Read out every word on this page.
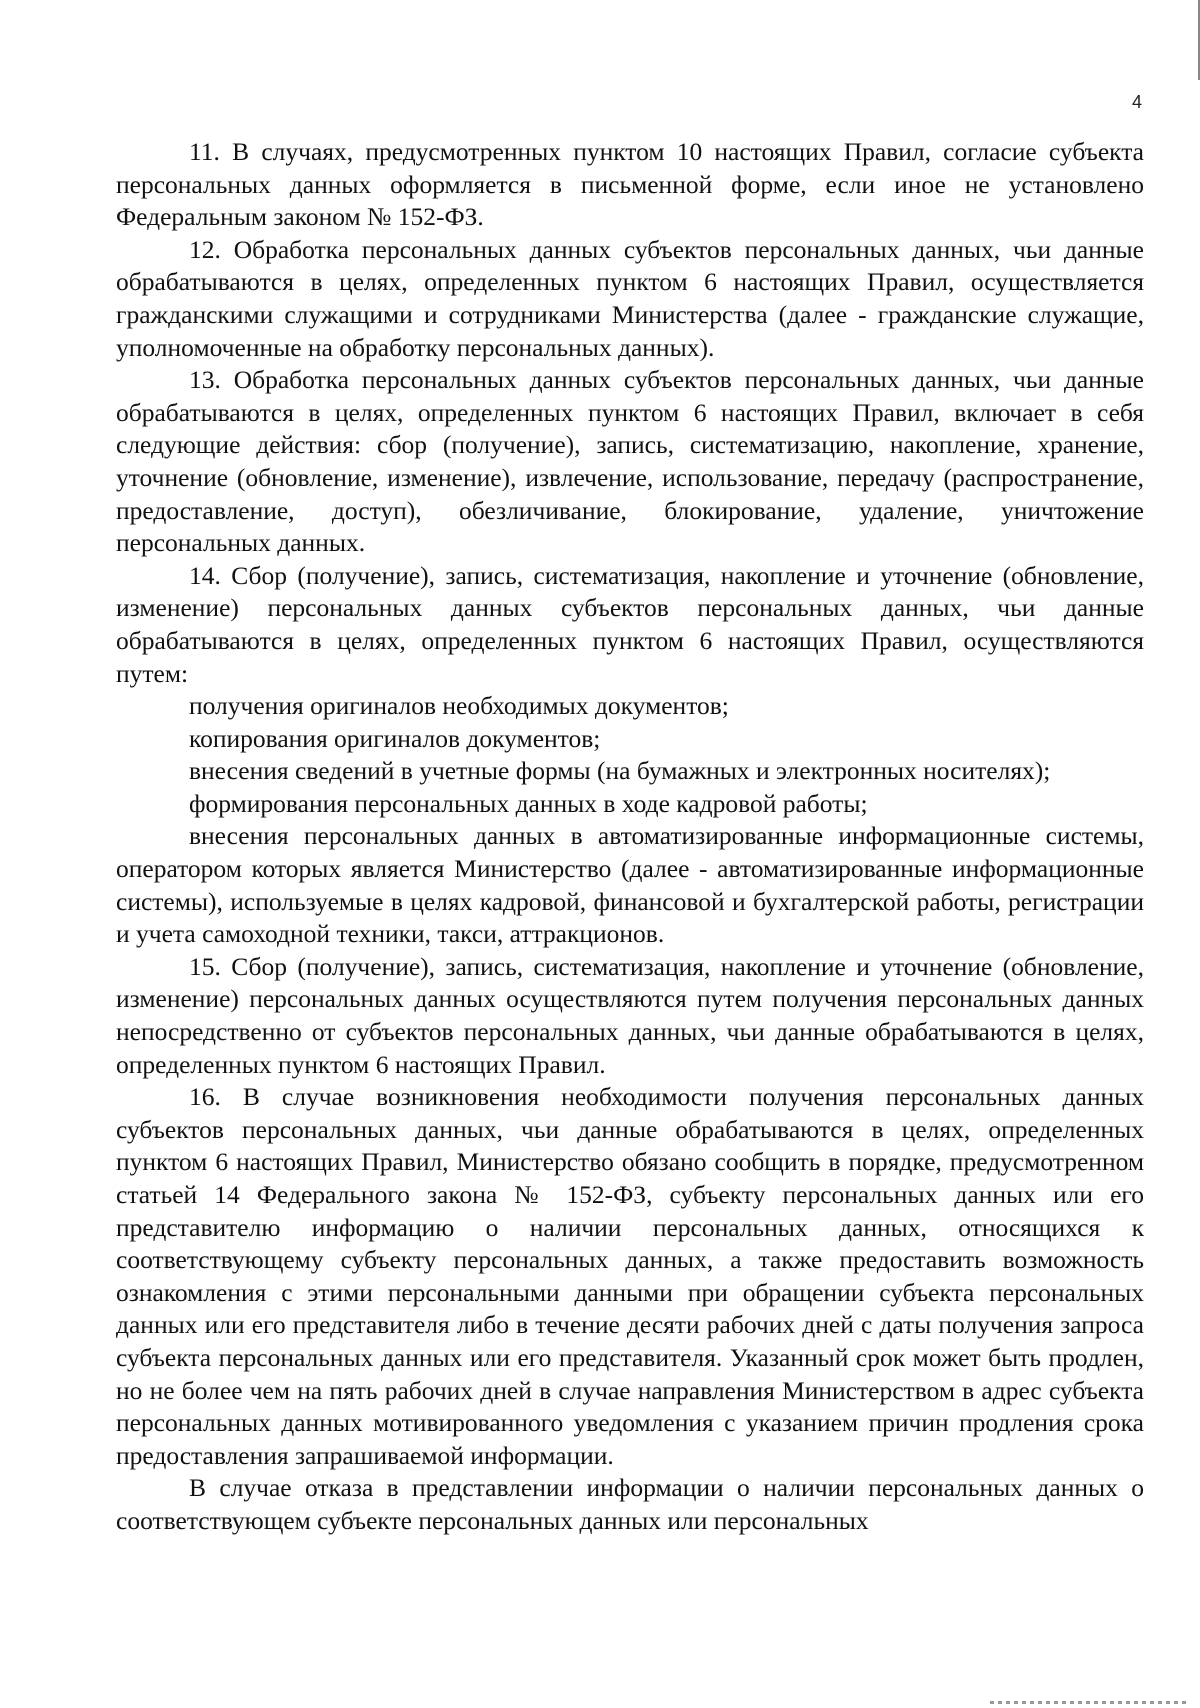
4

11. В случаях, предусмотренных пунктом 10 настоящих Правил, согласие субъекта персональных данных оформляется в письменной форме, если иное не установлено Федеральным законом № 152-ФЗ.

12. Обработка персональных данных субъектов персональных данных, чьи данные обрабатываются в целях, определенных пунктом 6 настоящих Правил, осуществляется гражданскими служащими и сотрудниками Министерства (далее - гражданские служащие, уполномоченные на обработку персональных данных).

13. Обработка персональных данных субъектов персональных данных, чьи данные обрабатываются в целях, определенных пунктом 6 настоящих Правил, включает в себя следующие действия: сбор (получение), запись, систематизацию, накопление, хранение, уточнение (обновление, изменение), извлечение, использование, передачу (распространение, предоставление, доступ), обезличивание, блокирование, удаление, уничтожение персональных данных.

14. Сбор (получение), запись, систематизация, накопление и уточнение (обновление, изменение) персональных данных субъектов персональных данных, чьи данные обрабатываются в целях, определенных пунктом 6 настоящих Правил, осуществляются путем:

получения оригиналов необходимых документов;

копирования оригиналов документов;

внесения сведений в учетные формы (на бумажных и электронных носителях);

формирования персональных данных в ходе кадровой работы;

внесения персональных данных в автоматизированные информационные системы, оператором которых является Министерство (далее - автоматизированные информационные системы), используемые в целях кадровой, финансовой и бухгалтерской работы, регистрации и учета самоходной техники, такси, аттракционов.

15. Сбор (получение), запись, систематизация, накопление и уточнение (обновление, изменение) персональных данных осуществляются путем получения персональных данных непосредственно от субъектов персональных данных, чьи данные обрабатываются в целях, определенных пунктом 6 настоящих Правил.

16. В случае возникновения необходимости получения персональных данных субъектов персональных данных, чьи данные обрабатываются в целях, определенных пунктом 6 настоящих Правил, Министерство обязано сообщить в порядке, предусмотренном статьей 14 Федерального закона № 152-ФЗ, субъекту персональных данных или его представителю информацию о наличии персональных данных, относящихся к соответствующему субъекту персональных данных, а также предоставить возможность ознакомления с этими персональными данными при обращении субъекта персональных данных или его представителя либо в течение десяти рабочих дней с даты получения запроса субъекта персональных данных или его представителя. Указанный срок может быть продлен, но не более чем на пять рабочих дней в случае направления Министерством в адрес субъекта персональных данных мотивированного уведомления с указанием причин продления срока предоставления запрашиваемой информации.

В случае отказа в представлении информации о наличии персональных данных о соответствующем субъекте персональных данных или персональных
